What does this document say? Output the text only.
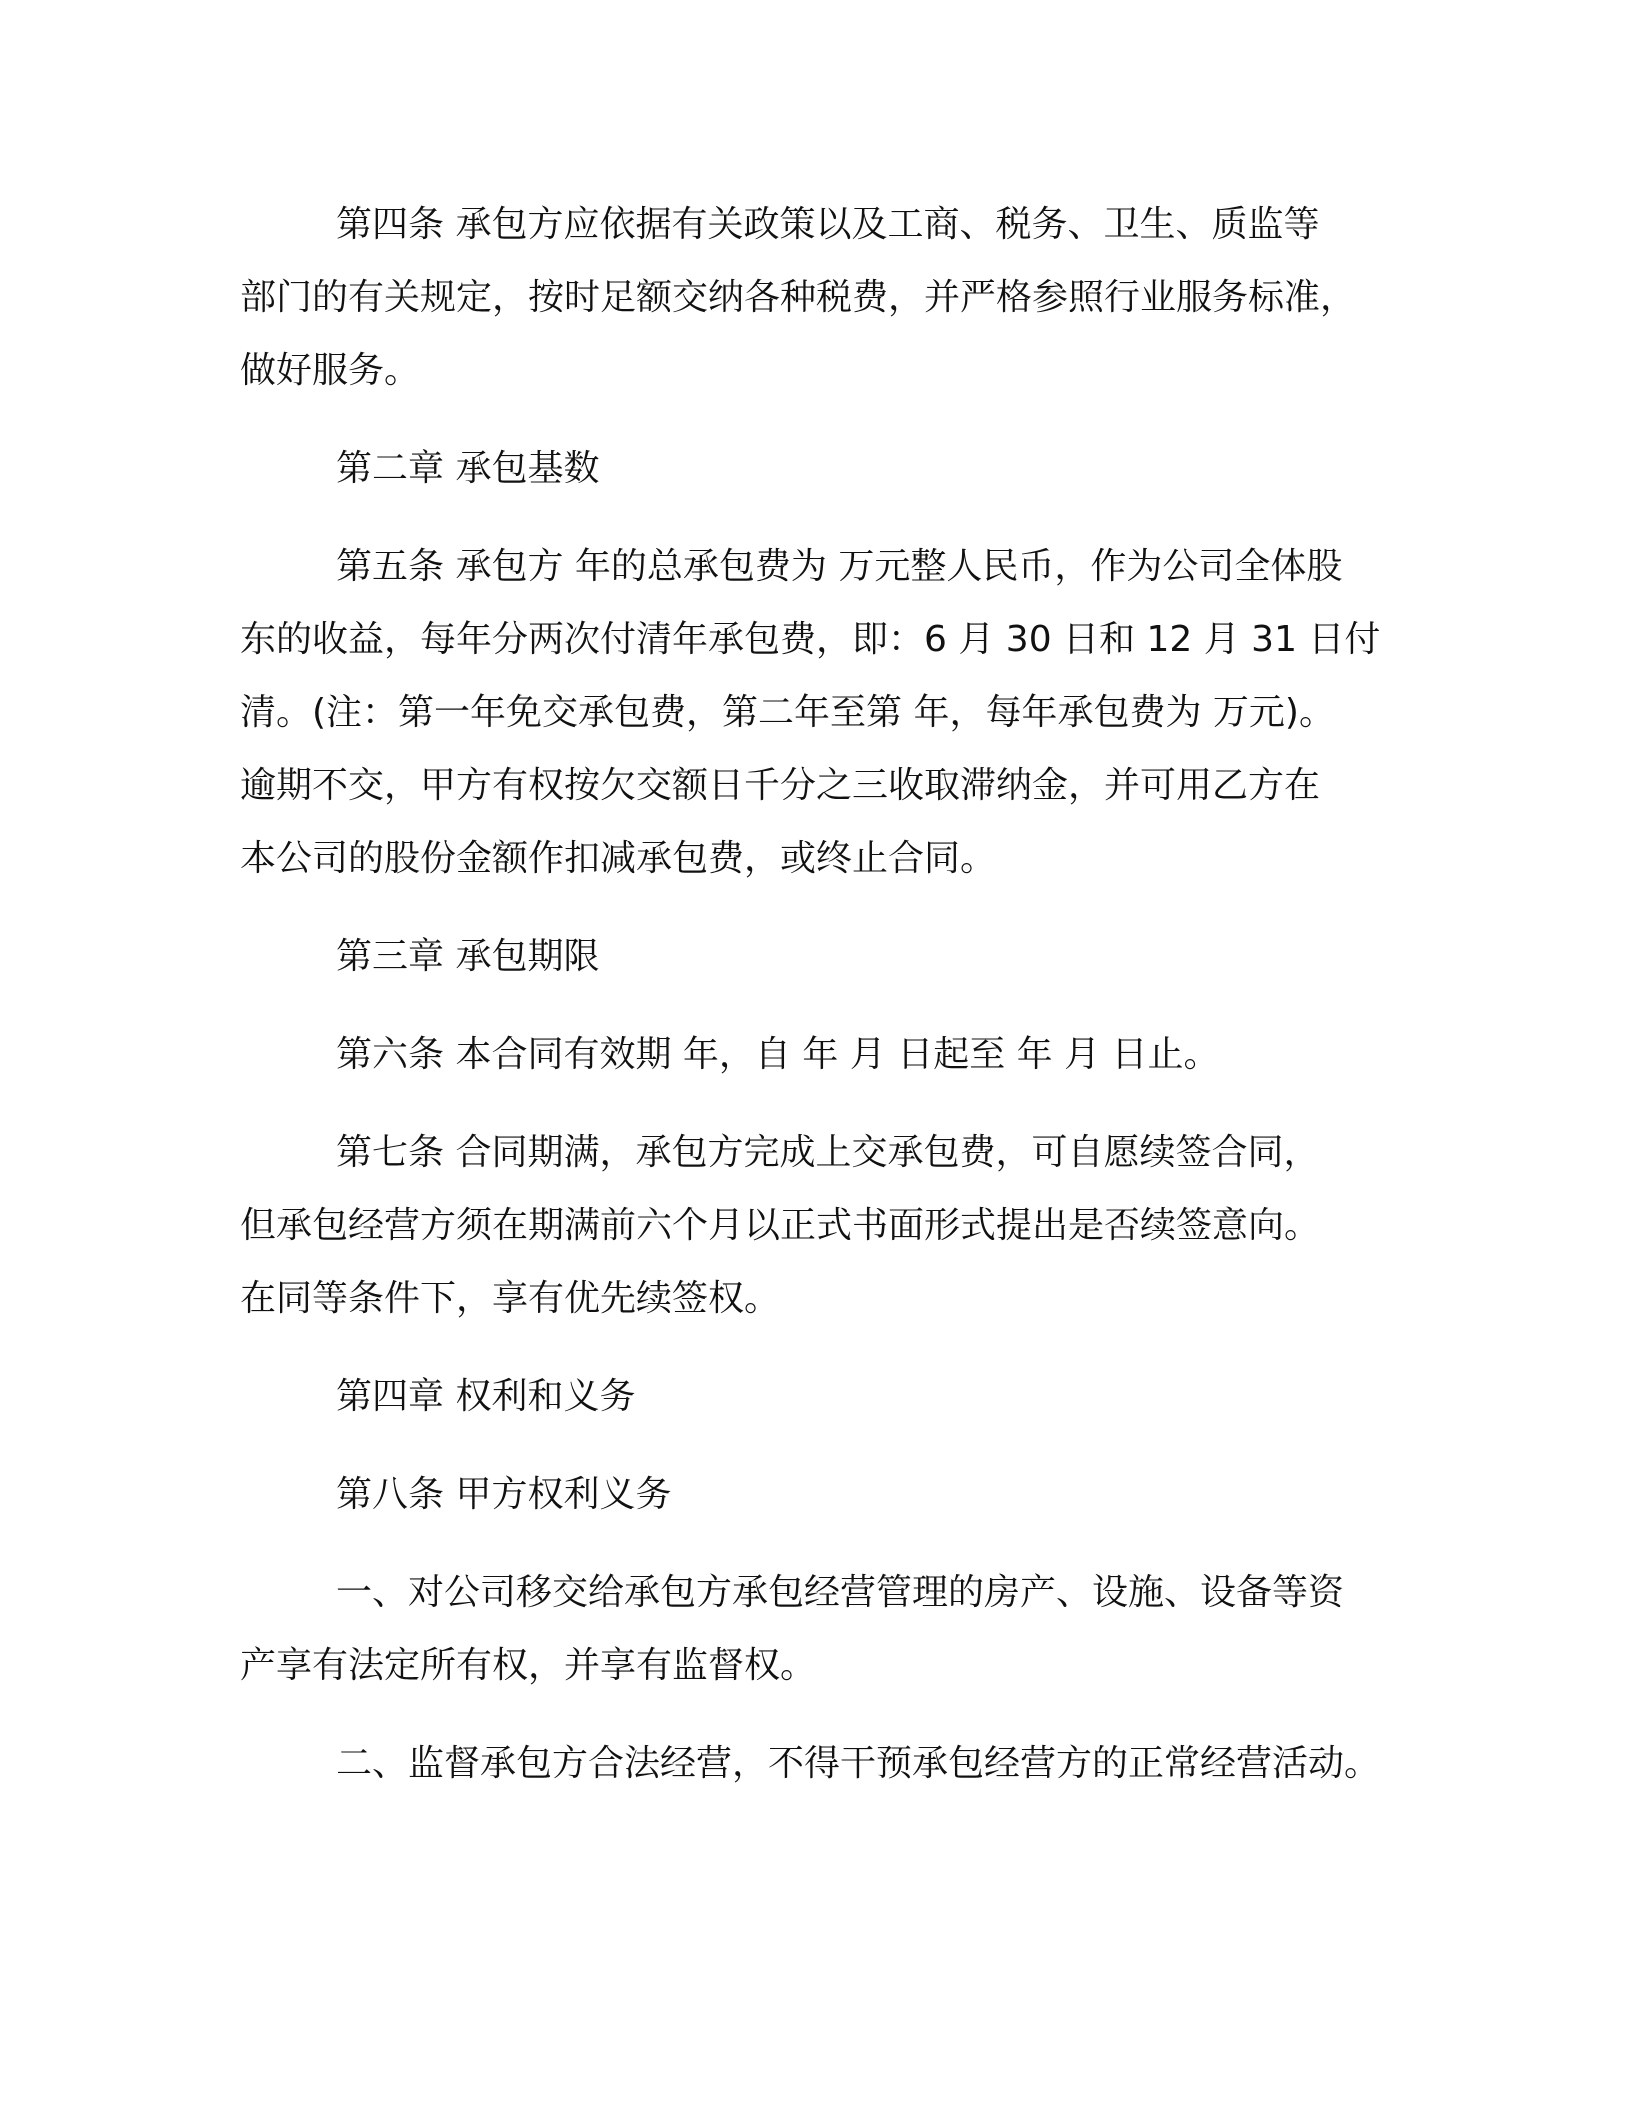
第四条 承包方应依据有关政策以及工商、税务、卫生、质监等
部门的有关规定，按时足额交纳各种税费，并严格参照行业服务标准，
做好服务。

第二章 承包基数

第五条 承包方 年的总承包费为 万元整人民币，作为公司全体股
东的收益，每年分两次付清年承包费，即：6 月 30 日和 12 月 31 日付
清。(注：第一年免交承包费，第二年至第 年，每年承包费为 万元)。
逾期不交，甲方有权按欠交额日千分之三收取滞纳金，并可用乙方在
本公司的股份金额作扣减承包费，或终止合同。

第三章 承包期限

第六条 本合同有效期 年，自 年 月 日起至 年 月 日止。

第七条 合同期满，承包方完成上交承包费，可自愿续签合同，
但承包经营方须在期满前六个月以正式书面形式提出是否续签意向。
在同等条件下，享有优先续签权。

第四章 权利和义务

第八条 甲方权利义务

一、对公司移交给承包方承包经营管理的房产、设施、设备等资
产享有法定所有权，并享有监督权。

二、监督承包方合法经营，不得干预承包经营方的正常经营活动。
